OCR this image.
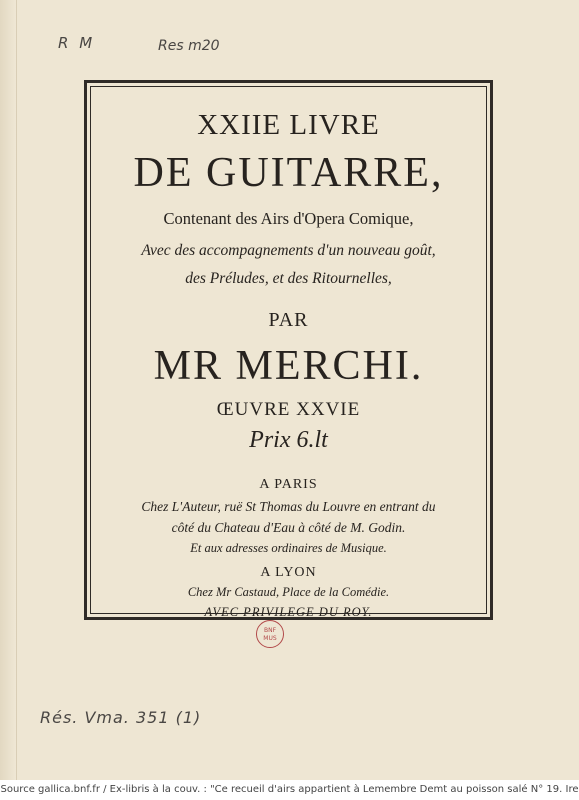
R M	Res m20
XXIIE LIVRE
DE GUITARRE,
Contenant des Airs d'Opera Comique,
Avec des accompagnements d'un nouveau goût,
des Préludes, et des Ritournelles,
PAR
MR MERCHI.
ŒUVRE XXVIE
Prix 6.lt
A PARIS
Chez L'Auteur, ruë St Thomas du Louvre en entrant du
côté du Chateau d'Eau à côté de M. Godin.
Et aux adresses ordinaires de Musique.
A LYON
Chez Mr Castaud, Place de la Comédie.
AVEC PRIVILEGE DU ROY.
BNF
MUS
Rés. Vma. 351 (1)
Source gallica.bnf.fr / Ex-libris à la couv. : "Ce recueil d'airs appartient à Lemembre Demt au poisson salé N° 19. Ire
